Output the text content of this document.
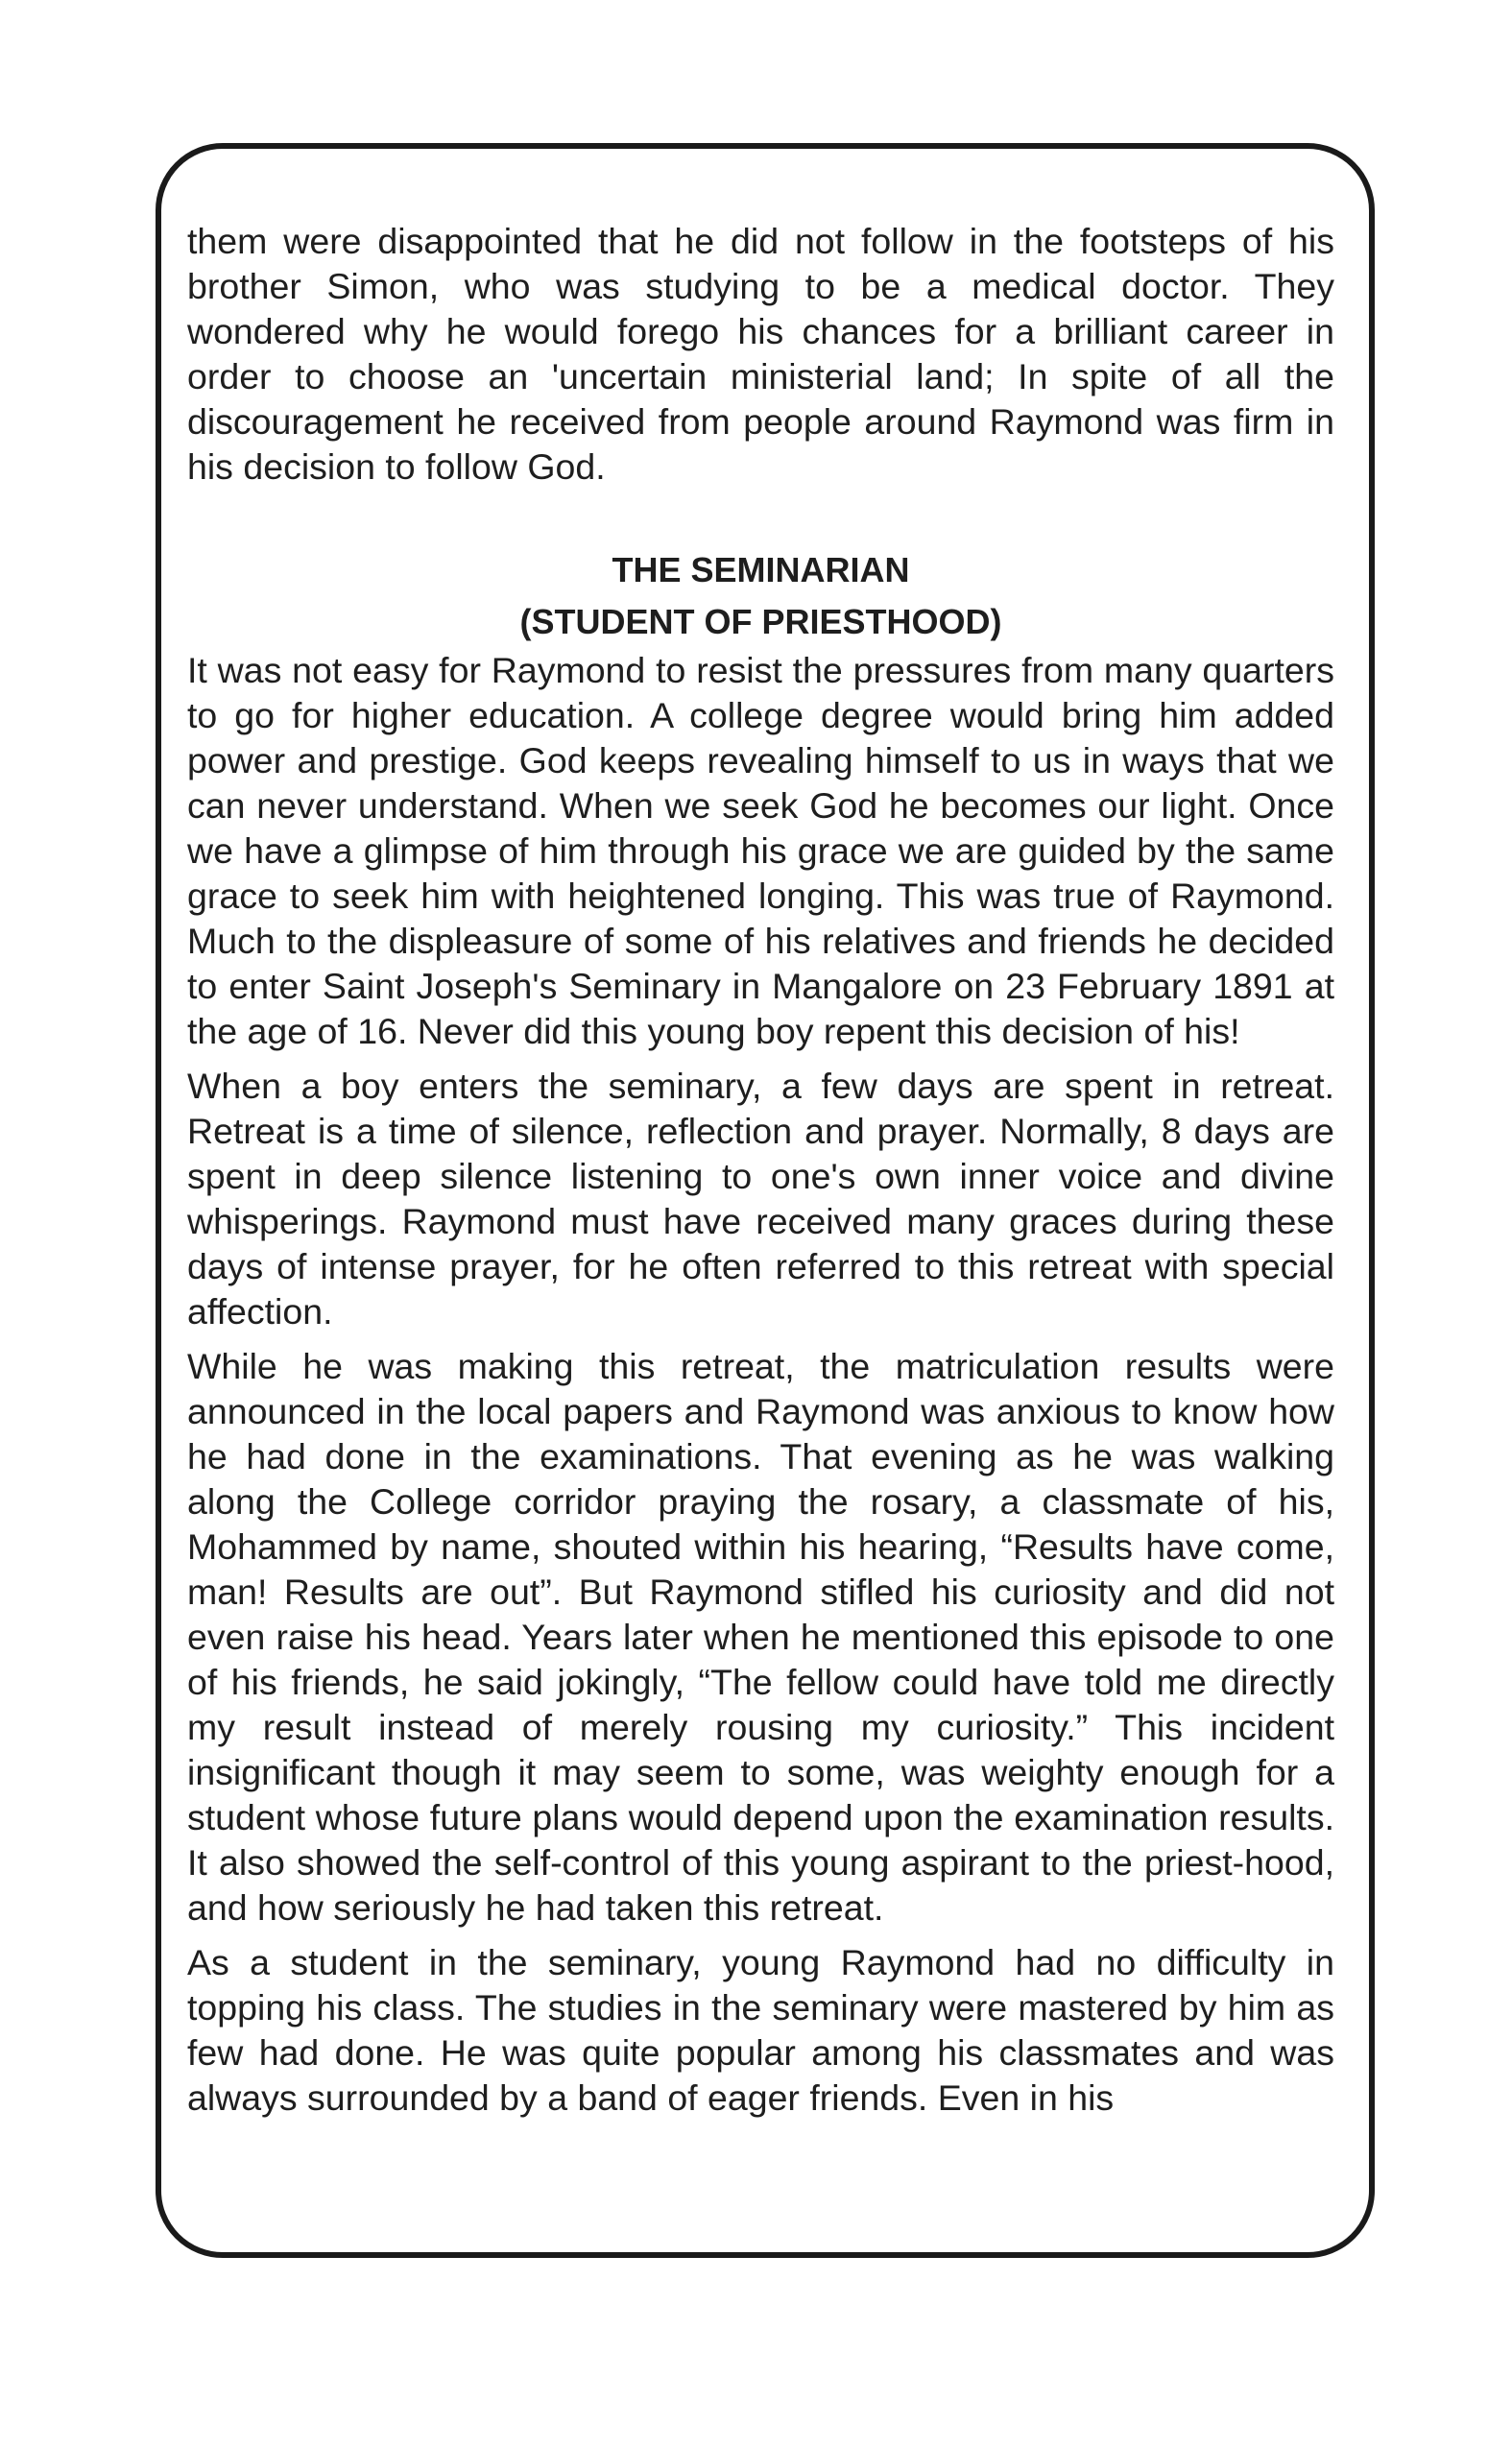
them were disappointed that he did not follow in the footsteps of his brother Simon, who was studying to be a medical doctor. They wondered why he would forego his chances for a brilliant career in order to choose an 'uncertain ministerial land; In spite of all the discouragement he received from people around Raymond was firm in his decision to follow God.

THE SEMINARIAN

(STUDENT OF PRIESTHOOD)

It was not easy for Raymond to resist the pressures from many quarters to go for higher education. A college degree would bring him added power and prestige. God keeps revealing himself to us in ways that we can never understand. When we seek God he becomes our light. Once we have a glimpse of him through his grace we are guided by the same grace to seek him with heightened longing. This was true of Raymond. Much to the displeasure of some of his relatives and friends he decided to enter Saint Joseph's Seminary in Mangalore on 23 February 1891 at the age of 16. Never did this young boy repent this decision of his!

When a boy enters the seminary, a few days are spent in retreat. Retreat is a time of silence, reflection and prayer. Normally, 8 days are spent in deep silence listening to one's own inner voice and divine whisperings. Raymond must have received many graces during these days of intense prayer, for he often referred to this retreat with special affection.

While he was making this retreat, the matriculation results were announced in the local papers and Raymond was anxious to know how he had done in the examinations. That evening as he was walking along the College corridor praying the rosary, a classmate of his, Mohammed by name, shouted within his hearing, “Results have come, man! Results are out”. But Raymond stifled his curiosity and did not even raise his head. Years later when he mentioned this episode to one of his friends, he said jokingly, “The fellow could have told me directly my result instead of merely rousing my curiosity.” This incident insignificant though it may seem to some, was weighty enough for a student whose future plans would depend upon the examination results. It also showed the self-control of this young aspirant to the priest-hood, and how seriously he had taken this retreat.

As a student in the seminary, young Raymond had no difficulty in topping his class. The studies in the seminary were mastered by him as few had done. He was quite popular among his classmates and was always surrounded by a band of eager friends. Even in his
